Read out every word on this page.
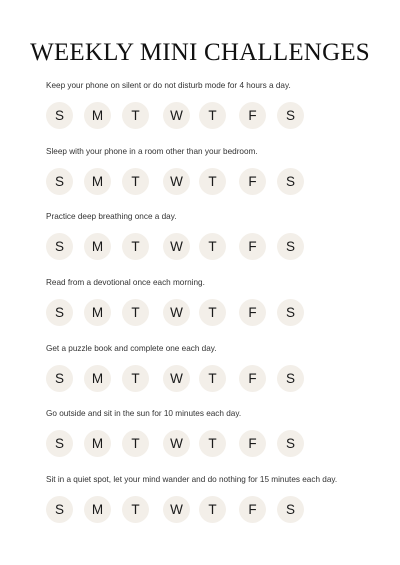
WEEKLY MINI CHALLENGES
Keep your phone on silent or do not disturb mode for 4 hours a day.
S	M	T	W	T	F	S
Sleep with your phone in a room other than your bedroom.
S	M	T	W	T	F	S
Practice deep breathing once a day.
S	M	T	W	T	F	S
Read from a devotional once each morning.
S	M	T	W	T	F	S
Get a puzzle book and complete one each day.
S	M	T	W	T	F	S
Go outside and sit in the sun for 10 minutes each day.
S	M	T	W	T	F	S
Sit in a quiet spot, let your mind wander and do nothing for 15 minutes each day.
S	M	T	W	T	F	S
